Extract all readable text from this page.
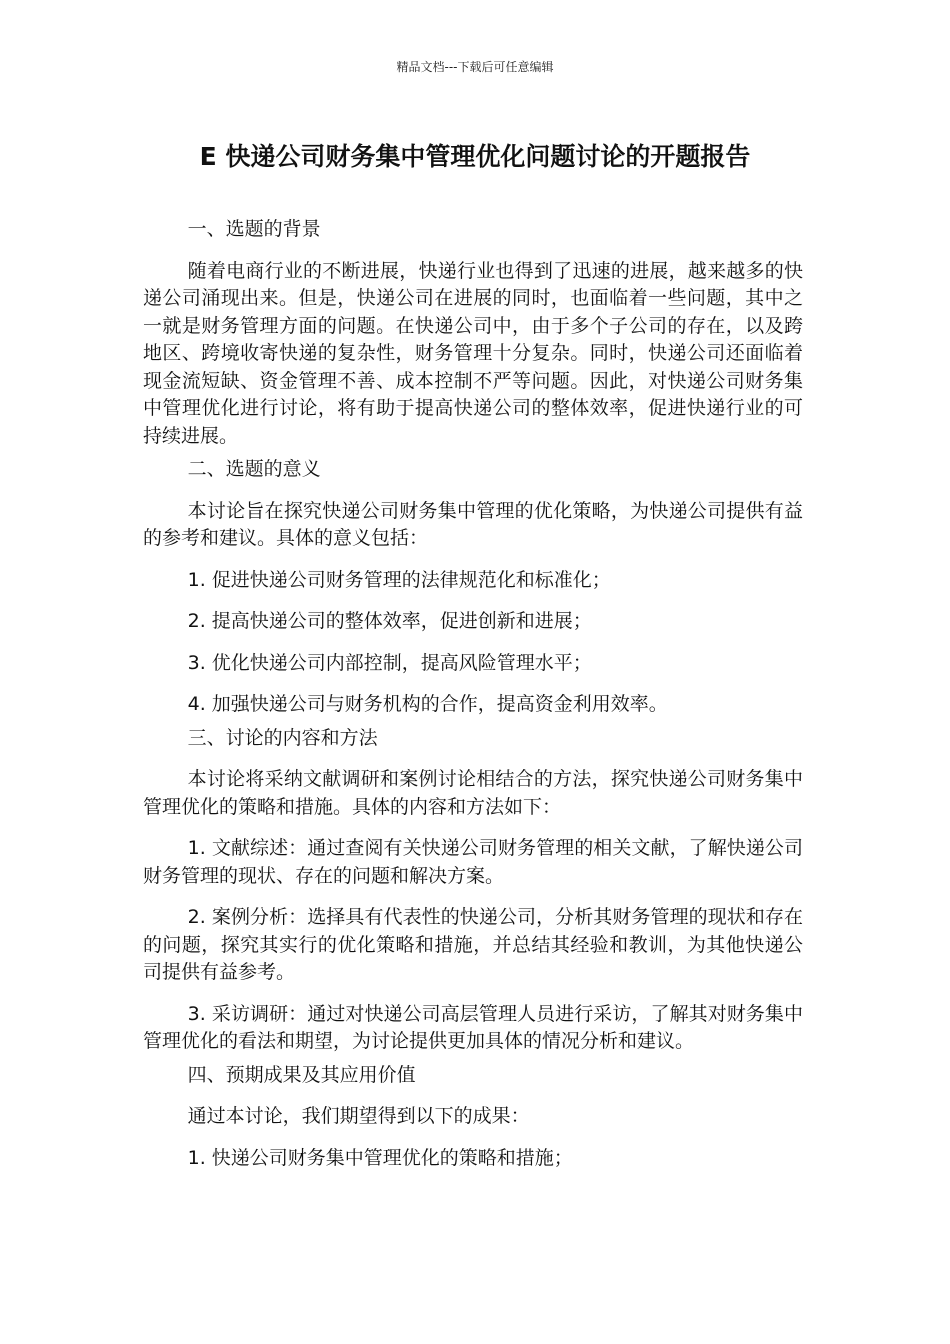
精品文档---下载后可任意编辑
E 快递公司财务集中管理优化问题讨论的开题报告
一、选题的背景

随着电商行业的不断进展，快递行业也得到了迅速的进展，越来越多的快递公司涌现出来。但是，快递公司在进展的同时，也面临着一些问题，其中之一就是财务管理方面的问题。在快递公司中，由于多个子公司的存在，以及跨地区、跨境收寄快递的复杂性，财务管理十分复杂。同时，快递公司还面临着现金流短缺、资金管理不善、成本控制不严等问题。因此，对快递公司财务集中管理优化进行讨论，将有助于提高快递公司的整体效率，促进快递行业的可持续进展。

二、选题的意义

本讨论旨在探究快递公司财务集中管理的优化策略，为快递公司提供有益的参考和建议。具体的意义包括：

1. 促进快递公司财务管理的法律规范化和标准化；

2. 提高快递公司的整体效率，促进创新和进展；

3. 优化快递公司内部控制，提高风险管理水平；

4. 加强快递公司与财务机构的合作，提高资金利用效率。

三、讨论的内容和方法

本讨论将采纳文献调研和案例讨论相结合的方法，探究快递公司财务集中管理优化的策略和措施。具体的内容和方法如下：

1. 文献综述：通过查阅有关快递公司财务管理的相关文献，了解快递公司财务管理的现状、存在的问题和解决方案。

2. 案例分析：选择具有代表性的快递公司，分析其财务管理的现状和存在的问题，探究其实行的优化策略和措施，并总结其经验和教训，为其他快递公司提供有益参考。

3. 采访调研：通过对快递公司高层管理人员进行采访，了解其对财务集中管理优化的看法和期望，为讨论提供更加具体的情况分析和建议。

四、预期成果及其应用价值

通过本讨论，我们期望得到以下的成果：

1. 快递公司财务集中管理优化的策略和措施；
